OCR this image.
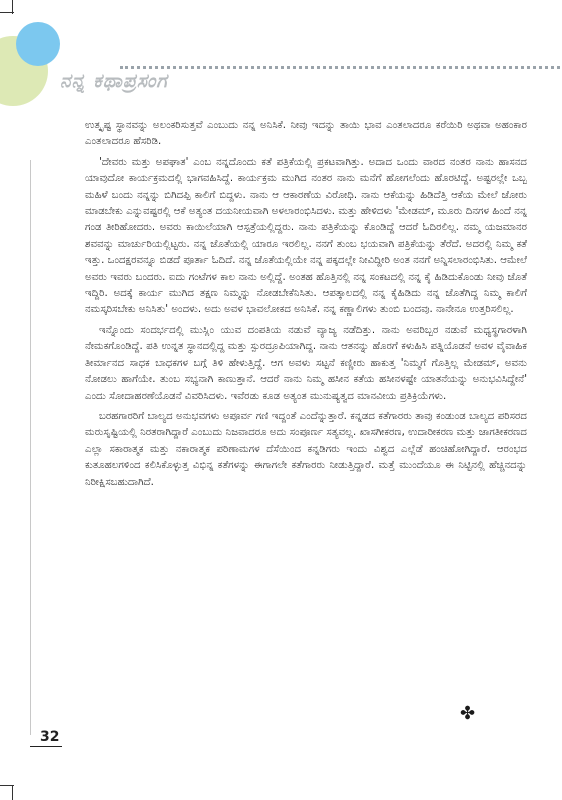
ನನ್ನ ಕಥಾಪ್ರಸಂಗ

ಉತ್ಕೃಷ್ಟ ಸ್ಥಾನವನ್ನು ಅಲಂಕರಿಸುತ್ತವೆ ಎಂಬುದು ನನ್ನ ಅನಿಸಿಕೆ. ನೀವು ಇದನ್ನು ತಾಯಿ ಭಾವ ಎಂತಲಾದರೂ ಕರೆಯಿರಿ ಅಥವಾ ಅಹಂಕಾರ ಎಂತಲಾದರೂ ಹೆಸರಿಡಿ.

'ದೇವರು ಮತ್ತು ಅಪಘಾತ' ಎಂಬ ನನ್ನದೊಂದು ಕತೆ ಪತ್ರಿಕೆಯಲ್ಲಿ ಪ್ರಕಟವಾಗಿತ್ತು. ಅದಾದ ಒಂದು ವಾರದ ನಂತರ ನಾನು ಹಾಸನದ ಯಾವುದೋ ಕಾರ್ಯಕ್ರಮದಲ್ಲಿ ಭಾಗವಹಿಸಿದ್ದೆ. ಕಾರ್ಯಕ್ರಮ ಮುಗಿದ ನಂತರ ನಾನು ಮನೆಗೆ ಹೋಗಲೆಂದು ಹೊರಟಿದ್ದೆ. ಅಷ್ಟರಲ್ಲೇ ಒಬ್ಬ ಮಹಿಳೆ ಬಂದು ನನ್ನನ್ನು ಬಿಗಿದಪ್ಪಿ ಕಾಲಿಗೆ ಬಿದ್ದಳು. ನಾನು ಆ ಆಕಾರಣೆಯ ವಿರೋಧಿ. ನಾನು ಆಕೆಯನ್ನು ಹಿಡಿದೆತ್ತಿ ಆಕೆಯ ಮೇಲೆ ಜೋರು ಮಾಡಬೇಕು ಎನ್ನುವಷ್ಟರಲ್ಲಿ ಆಕೆ ಅತ್ಯಂತ ದಯನೀಯವಾಗಿ ಅಳಲಾರಂಭಿಸಿದಳು. ಮತ್ತು ಹೇಳಿದಳು 'ಮೇಡಮ್, ಮೂರು ದಿನಗಳ ಹಿಂದೆ ನನ್ನ ಗಂಡ ತೀರಿಹೋದರು. ಅವರು ಕಾಯಿಲೆಯಾಗಿ ಆಸ್ಪತ್ರೆಯಲ್ಲಿದ್ದರು. ನಾನು ಪತ್ರಿಕೆಯನ್ನು ಕೊಂಡಿದ್ದೆ ಆದರೆ ಓದಿರಲಿಲ್ಲ. ನಮ್ಮ ಯಜಮಾನರ ಶವವನ್ನು ಮಾರ್ಚುರಿಯಲ್ಲಿಟ್ಟರು. ನನ್ನ ಜೊತೆಯಲ್ಲಿ ಯಾರೂ ಇರಲಿಲ್ಲ. ನನಗೆ ತುಂಬ ಭಯವಾಗಿ ಪತ್ರಿಕೆಯನ್ನು ತೆರೆದೆ. ಅದರಲ್ಲಿ ನಿಮ್ಮ ಕತೆ ಇತ್ತು. ಒಂದಕ್ಷರವನ್ನೂ ಬಿಡದೆ ಪೂರ್ತಾ ಓದಿದೆ. ನನ್ನ ಜೊತೆಯಲ್ಲಿಯೇ ನನ್ನ ಪಕ್ಕದಲ್ಲೇ ನೀವಿದ್ದೀರಿ ಅಂತ ನನಗೆ ಅನ್ನಿಸಲಾರಂಭಿಸಿತು. ಆಮೇಲೆ ಅವರು ಇವರು ಬಂದರು. ಐದು ಗಂಟೆಗಳ ಕಾಲ ನಾನು ಅಲ್ಲಿದ್ದೆ. ಅಂತಹ ಹೊತ್ತಿನಲ್ಲಿ ನನ್ನ ಸಂಕಟದಲ್ಲಿ ನನ್ನ ಕೈ ಹಿಡಿದುಕೊಂಡು ನೀವು ಜೊತೆ ಇದ್ದಿರಿ. ಅದಕ್ಕೆ ಕಾರ್ಯ ಮುಗಿದ ತಕ್ಷಣ ನಿಮ್ಮನ್ನು ನೋಡಬೇಕೆನಿಸಿತು. ಆಪತ್ಕಾಲದಲ್ಲಿ ನನ್ನ ಕೈಹಿಡಿದು ನನ್ನ ಜೊತೆಗಿದ್ದ ನಿಮ್ಮ ಕಾಲಿಗೆ ನಮಸ್ಕರಿಸಬೇಕು ಅನಿಸಿತು' ಅಂದಳು. ಅದು ಅವಳ ಭಾವಲೋಕದ ಅನಿಸಿಕೆ. ನನ್ನ ಕಣ್ಣಾಲಿಗಳು ತುಂಬಿ ಬಂದವು. ನಾನೇನೂ ಉತ್ತರಿಸಲಿಲ್ಲ.

ಇನ್ನೊಂದು ಸಂದರ್ಭದಲ್ಲಿ ಮುಸ್ಲಿಂ ಯುವ ದಂಪತಿಯ ನಡುವೆ ವ್ಯಾಜ್ಯ ನಡೆದಿತ್ತು. ನಾನು ಅವರಿಬ್ಬರ ನಡುವೆ ಮಧ್ಯಸ್ಥಗಾರಳಾಗಿ ನೇಮಕಗೊಂಡಿದ್ದೆ. ಪತಿ ಉನ್ನತ ಸ್ಥಾನದಲ್ಲಿದ್ದ ಮತ್ತು ಸ್ಪುರದ್ರೂಪಿಯಾಗಿದ್ದ. ನಾನು ಆತನನ್ನು ಹೊರಗೆ ಕಳುಹಿಸಿ ಪತ್ನಿಯೊಡನೆ ಅವಳ ವೈವಾಹಿಕ ತೀರ್ಮಾನದ ಸಾಧಕ ಬಾಧಕಗಳ ಬಗ್ಗೆ ತಿಳಿ ಹೇಳುತ್ತಿದ್ದೆ. ಆಗ ಅವಳು ಸಟ್ಟನೆ ಕಣ್ಣೀರು ಹಾಕುತ್ತ 'ನಿಮ್ಮಗೆ ಗೊತ್ತಿಲ್ಲ ಮೇಡಮ್, ಅವನು ನೋಡಲು ಹಾಗೆಯೇ. ತುಂಬ ಸಭ್ಯನಾಗಿ ಕಾಣುತ್ತಾನೆ. ಆದರೆ ನಾನು ನಿಮ್ಮ ಹಸೀನ ಕತೆಯ ಹಸೀನಳಷ್ಟೇ ಯಾತನೆಯನ್ನು ಅನುಭವಿಸಿದ್ದೇನೆ' ಎಂದು ಸೋದಾಹರಣೆಯೊಡನೆ ವಿವರಿಸಿದಳು. ಇವೆರಡು ಕೂಡ ಅತ್ಯಂತ ಮುನುಷ್ಯತ್ವದ ಮಾನವೀಯ ಪ್ರತಿಕ್ರಿಯೆಗಳು.

ಬರಹಗಾರರಿಗೆ ಬಾಲ್ಯದ ಅನುಭವಗಳು ಅಪೂರ್ವ ಗಣಿ ಇದ್ದಂತೆ ಎಂದೆನ್ನುತ್ತಾರೆ. ಕನ್ನಡದ ಕತೆಗಾರರು ತಾವು ಕಂಡುಂಡ ಬಾಲ್ಯದ ಪರಿಸರದ ಮರುಸೃಷ್ಟಿಯಲ್ಲಿ ನಿರತರಾಗಿದ್ದಾರೆ ಎಂಬುದು ನಿಜವಾದರೂ ಅದು ಸಂಪೂರ್ಣ ಸತ್ಯವಲ್ಲ. ಖಾಸಗೀಕರಣ, ಉದಾರೀಕರಣ ಮತ್ತು ಜಾಗತೀಕರಣದ ಎಲ್ಲಾ ಸಕಾರಾತ್ಮಕ ಮತ್ತು ನಕಾರಾತ್ಮಕ ಪರಿಣಾಮಗಳ ದೆಸೆಯಿಂದ ಕನ್ನಡಿಗರು ಇಂದು ವಿಶ್ವದ ಎಲ್ಲೆಡೆ ಹಂಚಿಹೋಗಿದ್ದಾರೆ. ಆರಂಭದ ಕುತೂಹಲಗಳಿಂದ ಕಲಿಸಿಕೊಳ್ಳುತ್ತ ವಿಭಿನ್ನ ಕತೆಗಳನ್ನು ಈಗಾಗಲೇ ಕತೆಗಾರರು ನೀಡುತ್ತಿದ್ದಾರೆ. ಮತ್ತೆ ಮುಂದೆಯೂ ಈ ನಿಟ್ಟಿನಲ್ಲಿ ಹೆಚ್ಚಿನದನ್ನು ನಿರೀಕ್ಷಿಸಬಹುದಾಗಿದೆ.

✤
32
